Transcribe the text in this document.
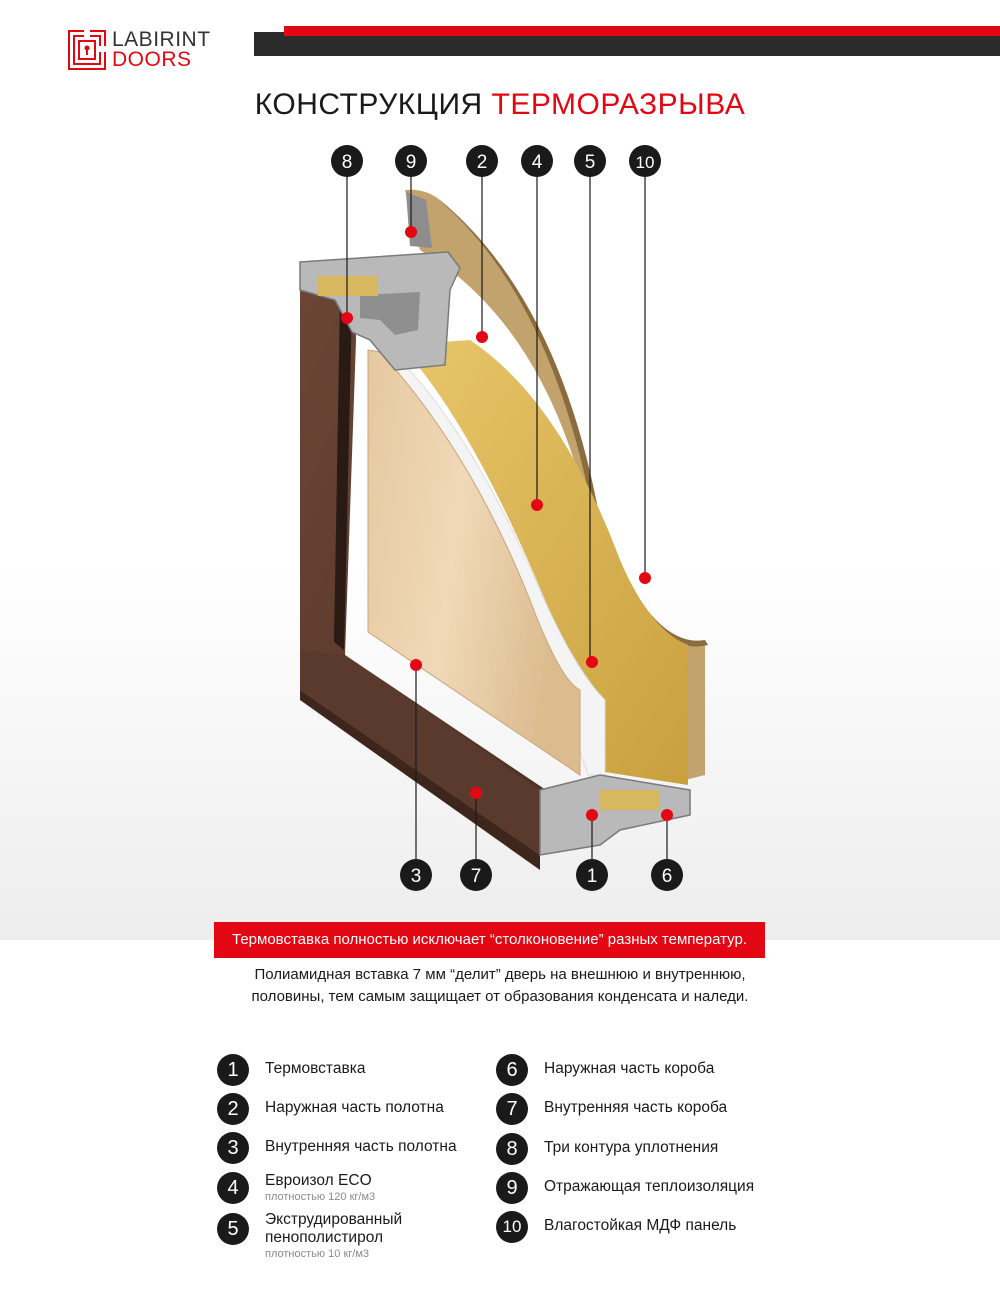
LABIRINT
DOORS
КОНСТРУКЦИЯ ТЕРМОРАЗРЫВА
8	9	2 4 5 10
3	7	1	6
Термовставка полностью исключает “столконовение” разных температур.
Полиамидная вставка 7 мм “делит” дверь на внешнюю и внутреннюю,
половины, тем самым защищает от образования конденсата и наледи.
1	Термовставка
2	Наружная часть полотна
3	Внутренняя часть полотна
4	Евроизол ECO
плотностью 120 кг/м3
5	Экструдированный
пенополистирол
плотностью 10 кг/м3
6	Наружная часть короба
7	Внутренняя часть короба
8	Три контура уплотнения
9	Отражающая теплоизоляция
10	Влагостойкая МДФ панель
